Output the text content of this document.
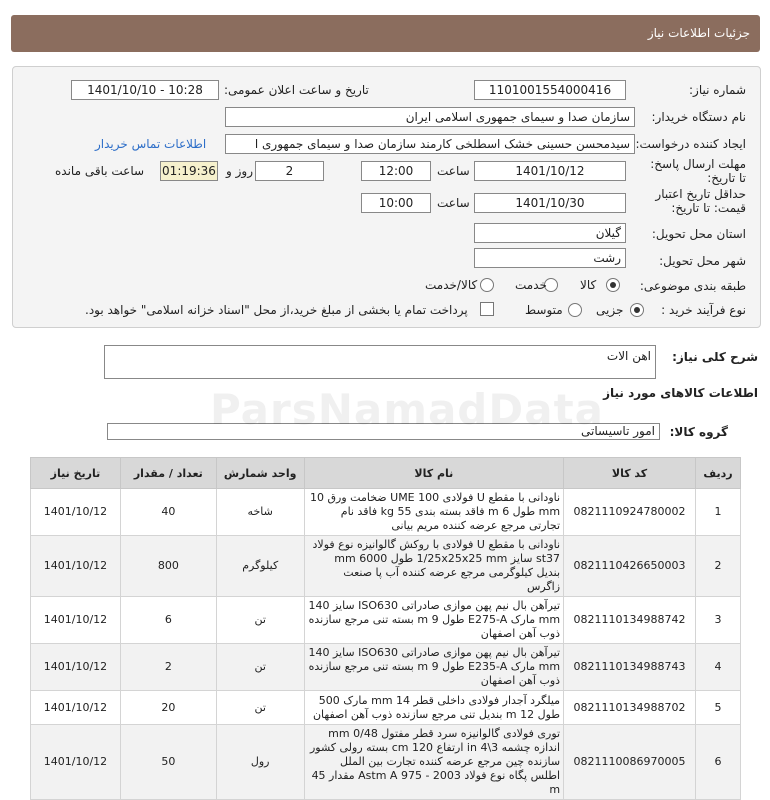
جزئیات اطلاعات نیاز
شماره نیاز:
1101001554000416
تاریخ و ساعت اعلان عمومی:
1401/10/10 - 10:28
نام دستگاه خریدار:
سازمان صدا و سیمای جمهوری اسلامی ایران
ایجاد کننده درخواست:
سیدمحسن حسینی خشک اسطلخی کارمند سازمان صدا و سیمای جمهوری ا
اطلاعات تماس خریدار
مهلت ارسال پاسخ: تا تاریخ:
1401/10/12
ساعت
12:00
2
روز و
01:19:36
ساعت باقی مانده
حداقل تاریخ اعتبار قیمت: تا تاریخ:
1401/10/30
ساعت
10:00
استان محل تحویل:
گیلان
شهر محل تحویل:
رشت
طبقه بندی موضوعی:
کالا
خدمت
کالا/خدمت
نوع فرآیند خرید :
جزیی
متوسط
پرداخت تمام یا بخشی از مبلغ خرید،از محل "اسناد خزانه اسلامی" خواهد بود.
شرح کلی نیاز:
اهن الات
اطلاعات کالاهای مورد نیاز
گروه کالا:
امور تاسیساتی
ParsNamadData
تاریخ نیاز	تعداد / مقدار	واحد شمارش	نام کالا	کد کالا	ردیف
1401/10/12	40	شاخه	ناودانی با مقطع U فولادی UME 100 ضخامت ورق 10 mm طول 6 m فاقد بسته بندی 55 kg فاقد نام تجارتی مرجع عرضه کننده مریم بیانی	0821110924780002	1
1401/10/12	800	کیلوگرم	ناودانی با مقطع U فولادی با روکش گالوانیزه نوع فولاد st37 سایز 1/25x25x25 mm طول 6000 mm بندیل کیلوگرمی مرجع عرضه کننده آب پا صنعت زاگرس	0821110426650003	2
1401/10/12	6	تن	تیرآهن بال نیم پهن موازی صادراتی ISO630 سایز 140 mm مارک E275-A طول 9 m بسته تنی مرجع سازنده ذوب آهن اصفهان	0821110134988742	3
1401/10/12	2	تن	تیرآهن بال نیم پهن موازی صادراتی ISO630 سایز 140 mm مارک E235-A طول 9 m بسته تنی مرجع سازنده ذوب آهن اصفهان	0821110134988743	4
1401/10/12	20	تن	میلگرد آجدار فولادی داخلی قطر 14 mm مارک 500 طول 12 m بندیل تنی مرجع سازنده ذوب آهن اصفهان	0821110134988702	5
1401/10/12	50	رول	توری فولادی گالوانیزه سرد قطر مفتول 0/48 mm اندازه چشمه 3\4 in ارتفاع 120 cm بسته رولی کشور سازنده چین مرجع عرضه کننده تجارت بین الملل اطلس پگاه نوع فولاد Astm A 975 - 2003 مقدار 45 m	0821110086970005	6
